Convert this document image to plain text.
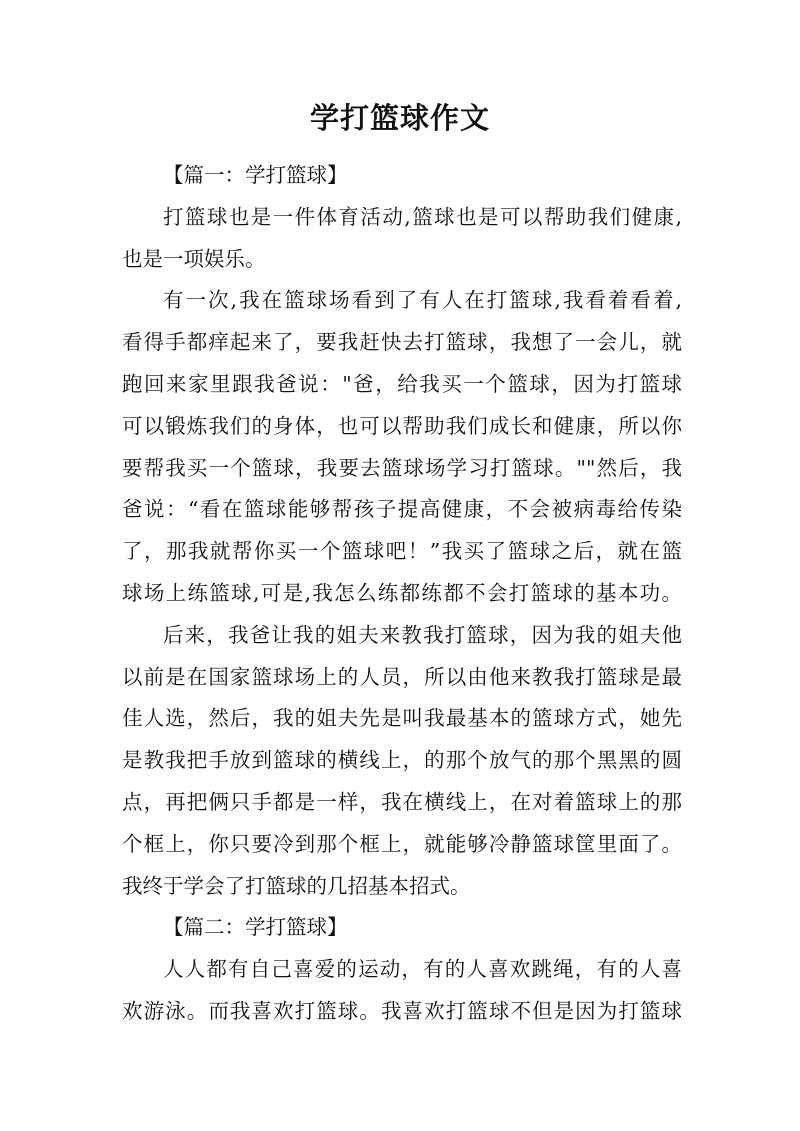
学打篮球作文
【篇一：学打篮球】
打篮球也是一件体育活动,篮球也是可以帮助我们健康,
也是一项娱乐。
有一次,我在篮球场看到了有人在打篮球,我看着看着,
看得手都痒起来了，要我赶快去打篮球，我想了一会儿，就
跑回来家里跟我爸说："爸，给我买一个篮球，因为打篮球
可以锻炼我们的身体，也可以帮助我们成长和健康，所以你
要帮我买一个篮球，我要去篮球场学习打篮球。""然后，我
爸说：“看在篮球能够帮孩子提高健康，不会被病毒给传染
了，那我就帮你买一个篮球吧！”我买了篮球之后，就在篮
球场上练篮球,可是,我怎么练都练都不会打篮球的基本功。
后来，我爸让我的姐夫来教我打篮球，因为我的姐夫他
以前是在国家篮球场上的人员，所以由他来教我打篮球是最
佳人选，然后，我的姐夫先是叫我最基本的篮球方式，她先
是教我把手放到篮球的横线上，的那个放气的那个黑黑的圆
点，再把俩只手都是一样，我在横线上，在对着篮球上的那
个框上，你只要冷到那个框上，就能够冷静篮球筐里面了。
我终于学会了打篮球的几招基本招式。
【篇二：学打篮球】
人人都有自己喜爱的运动，有的人喜欢跳绳，有的人喜
欢游泳。而我喜欢打篮球。我喜欢打篮球不但是因为打篮球
